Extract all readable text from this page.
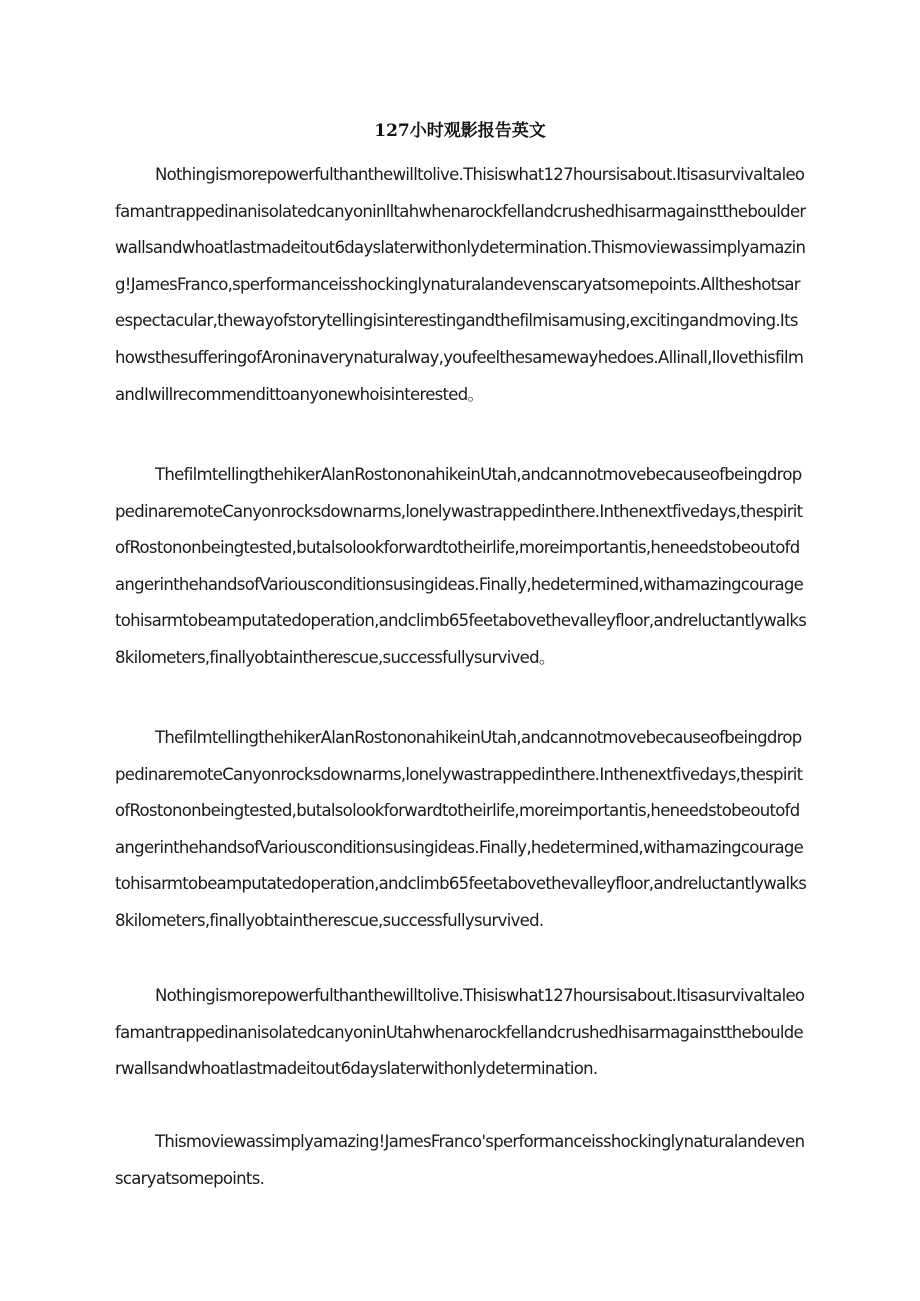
127小时观影报告英文

Nothingismorepowerfulthanthewilltolive.Thisiswhat127hoursisabout.Itisasurvivaltaleofamantrappedinanisolatedcanyoninlltahwhenarockfellandcrushedhisarmagainsttheboulderwallsandwhoatlastmadeitout6dayslaterwithonlydetermination.Thismoviewassimplyamazing!JamesFranco,sperformanceisshockinglynaturalandevenscaryatsomepoints.Alltheshotsarespectacular,thewayofstorytellingisinterestingandthefilmisamusing,excitingandmoving.ItshowsthesufferingofAroninaverynaturalway,youfeelthesamewayhedoes.Allinall,IlovethisfilmandIwillrecommendittoanyonewhoisinterested。

ThefilmtellingthehikerAlanRostononahikeinUtah,andcannotmovebecauseofbeingdroppedinaremoteCanyonrocksdownarms,lonelywastrappedinthere.Inthenextfivedays,thespiritofRostononbeingtested,butalsolookforwardtotheirlife,moreimportantis,heneedstobeoutofdangerinthehandsofVariousconditionsusingideas.Finally,hedetermined,withamazingcouragetohisarmtobeamputatedoperation,andclimb65feetabovethevalleyfloor,andreluctantlywalks8kilometers,finallyobtaintherescue,successfullysurvived。

ThefilmtellingthehikerAlanRostononahikeinUtah,andcannotmovebecauseofbeingdroppedinaremoteCanyonrocksdownarms,lonelywastrappedinthere.Inthenextfivedays,thespiritofRostononbeingtested,butalsolookforwardtotheirlife,moreimportantis,heneedstobeoutofdangerinthehandsofVariousconditionsusingideas.Finally,hedetermined,withamazingcouragetohisarmtobeamputatedoperation,andclimb65feetabovethevalleyfloor,andreluctantlywalks8kilometers,finallyobtaintherescue,successfullysurvived.

Nothingismorepowerfulthanthewilltolive.Thisiswhat127hoursisabout.ItisasurvivaltaleofamantrappedinanisolatedcanyoninUtahwhenarockfellandcrushedhisarmagainsttheboulderwallsandwhoatlastmadeitout6dayslaterwithonlydetermination.

Thismoviewassimplyamazing!JamesFranco'sperformanceisshockinglynaturalandevenscaryatsomepoints.
